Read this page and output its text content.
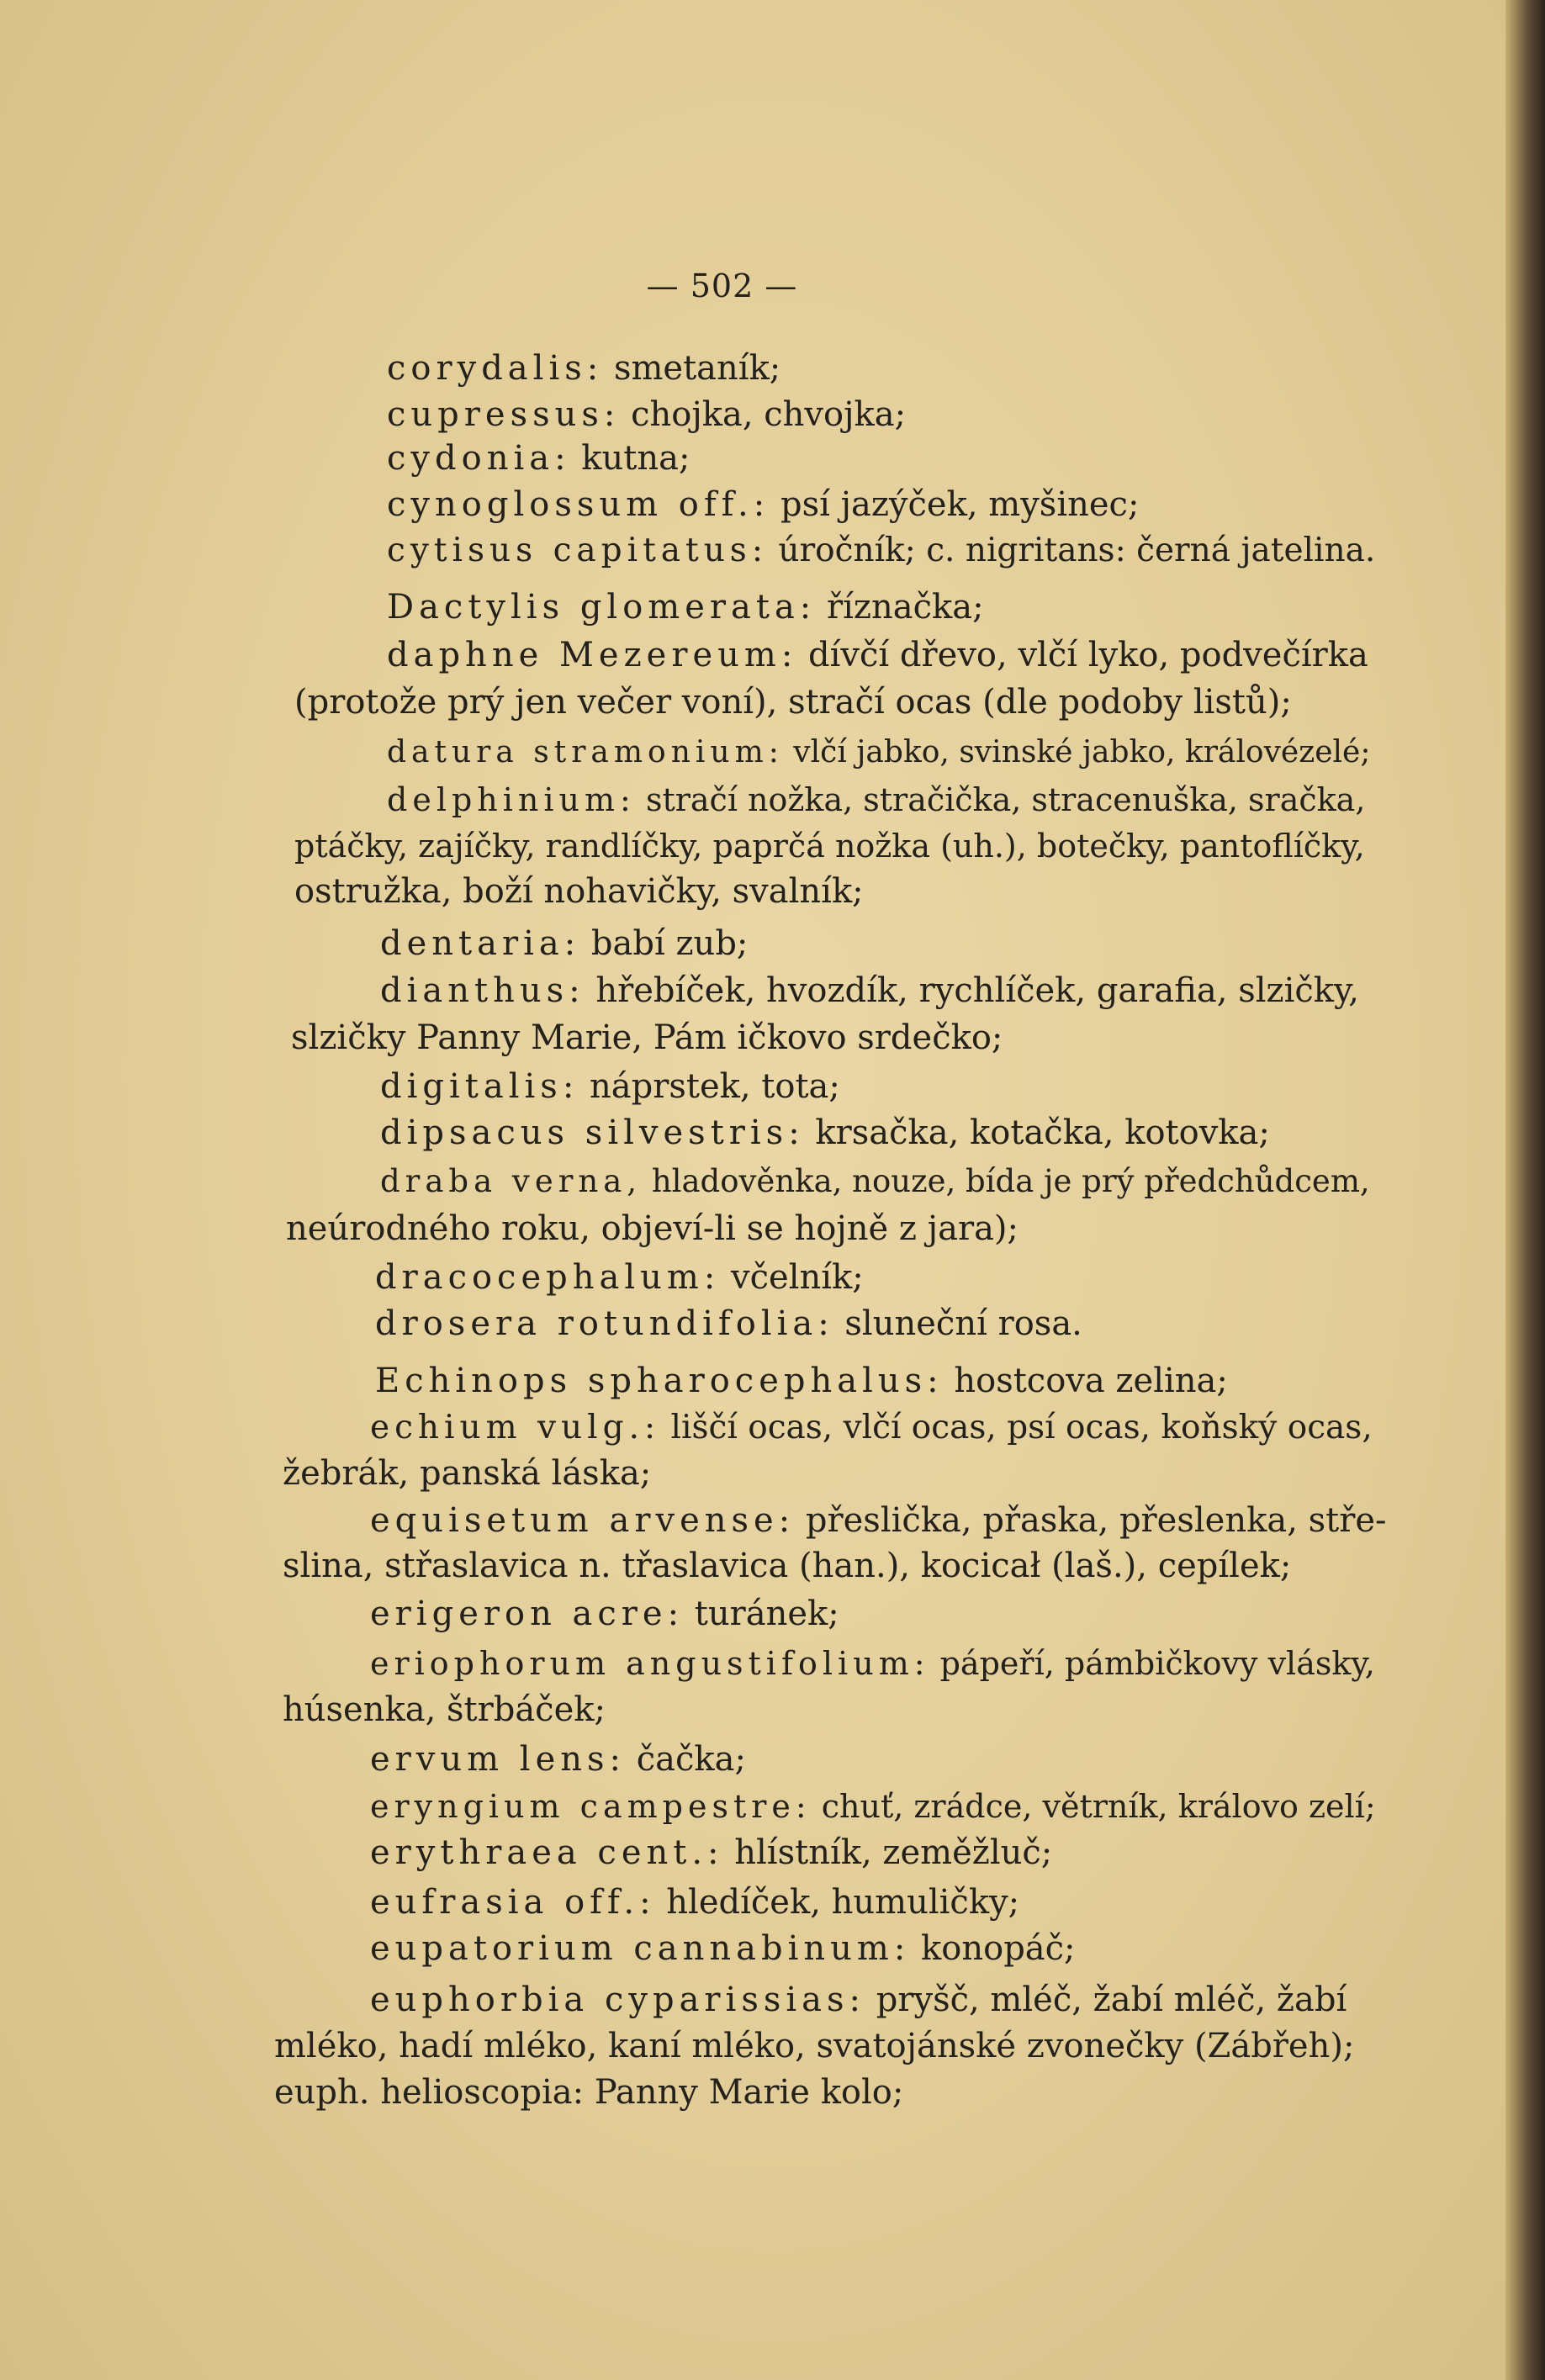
— 502 —
corydalis: smetaník;
cupressus: chojka, chvojka;
cydonia: kutna;
cynoglossum off.: psí jazýček, myšinec;
cytisus capitatus: úročník; c. nigritans: černá jatelina.
Dactylis glomerata: říznačka;
daphne Mezereum: dívčí dřevo, vlčí lyko, podvečírka
(protože prý jen večer voní), stračí ocas (dle podoby listů);
datura stramonium: vlčí jabko, svinské jabko, královézelé;
delphinium: stračí nožka, stračička, stracenuška, sračka,
ptáčky, zajíčky, randlíčky, paprčá nožka (uh.), botečky, pantoflíčky,
ostružka, boží nohavičky, svalník;
dentaria: babí zub;
dianthus: hřebíček, hvozdík, rychlíček, garafia, slzičky,
slzičky Panny Marie, Pám ičkovo srdečko;
digitalis: náprstek, tota;
dipsacus silvestris: krsačka, kotačka, kotovka;
draba verna, hladověnka, nouze, bída je prý předchůdcem,
neúrodného roku, objeví-li se hojně z jara);
dracocephalum: včelník;
drosera rotundifolia: sluneční rosa.
Echinops spharocephalus: hostcova zelina;
echium vulg.: liščí ocas, vlčí ocas, psí ocas, koňský ocas,
žebrák, panská láska;
equisetum arvense: přeslička, přaska, přeslenka, stře-
slina, střaslavica n. třaslavica (han.), kocicał (laš.), cepílek;
erigeron acre: turánek;
eriophorum angustifolium: pápeří, pámbičkovy vlásky,
húsenka, štrbáček;
ervum lens: čačka;
eryngium campestre: chuť, zrádce, větrník, královo zelí;
erythraea cent.: hlístník, zeměžluč;
eufrasia off.: hledíček, humuličky;
eupatorium cannabinum: konopáč;
euphorbia cyparissias: pryšč, mléč, žabí mléč, žabí
mléko, hadí mléko, kaní mléko, svatojánské zvonečky (Zábřeh);
euph. helioscopia: Panny Marie kolo;
